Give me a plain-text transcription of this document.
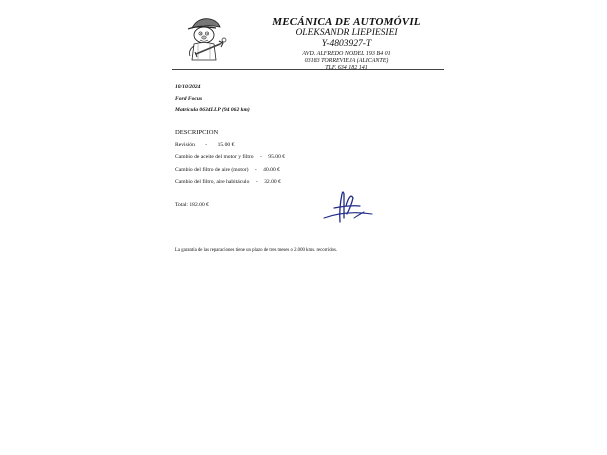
MECÁNICA DE AUTOMÓVIL
OLEKSANDR LIEPIESIEI
Y-4803927-T
AVD. ALFREDO NODEL 193 B4 01
03183 TORREVIEJA (ALICANTE)
TLF. 634 182 141
10/10/2024
Ford Focus
Matrícula 0634LLP (94 062 km)
DESCRIPCION
Revisión - 15.00 €
Cambio de aceite del motor y filtro - 95.00 €
Cambio del filtro de aire (motor) - 40.00 €
Cambio del filtro, aire habitáculo - 32.00 €
Total: 182.00 €
La garantía de las reparaciones tiene un plazo de tres meses o 2.000 kms. recorridos.
